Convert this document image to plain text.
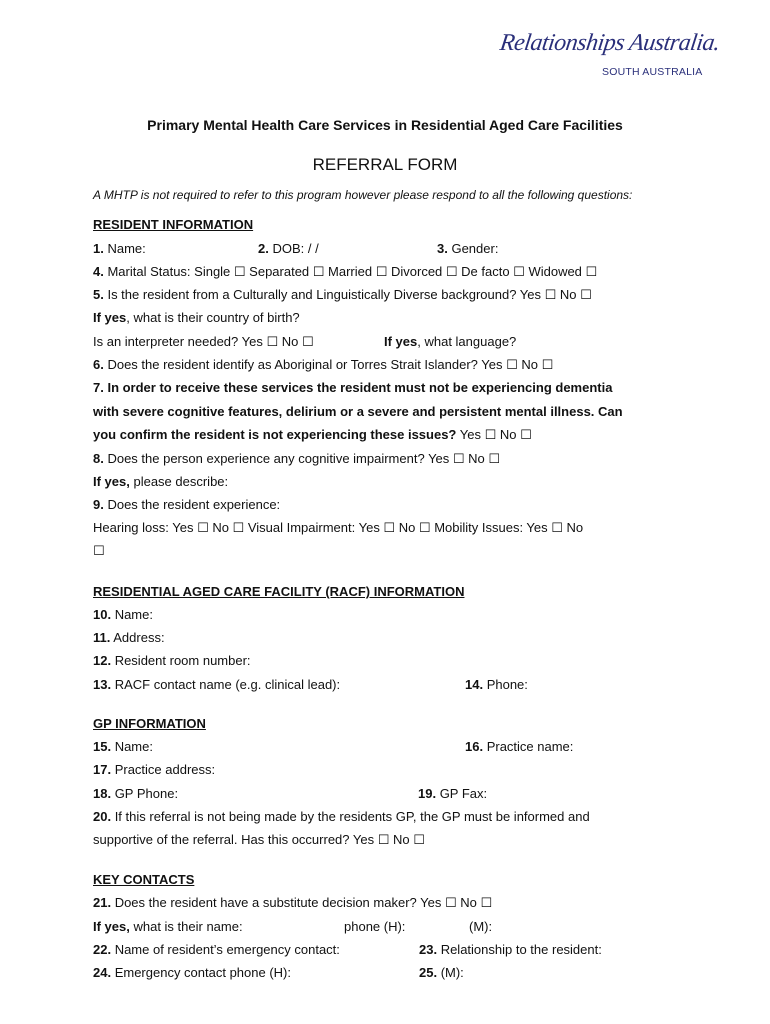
Relationships Australia.
SOUTH AUSTRALIA
Primary Mental Health Care Services in Residential Aged Care Facilities
REFERRAL FORM
A MHTP is not required to refer to this program however please respond to all the following questions:
RESIDENT INFORMATION
1. Name:	2. DOB: / /	3. Gender:
4. Marital Status: Single ☐ Separated ☐ Married ☐ Divorced ☐ De facto ☐ Widowed ☐
5. Is the resident from a Culturally and Linguistically Diverse background? Yes ☐ No ☐
If yes, what is their country of birth?
Is an interpreter needed? Yes ☐ No ☐	If yes, what language?
6. Does the resident identify as Aboriginal or Torres Strait Islander? Yes ☐ No ☐
7. In order to receive these services the resident must not be experiencing dementia
with severe cognitive features, delirium or a severe and persistent mental illness. Can
you confirm the resident is not experiencing these issues? Yes ☐ No ☐
8. Does the person experience any cognitive impairment? Yes ☐ No ☐
If yes, please describe:
9. Does the resident experience:
Hearing loss: Yes ☐ No ☐ Visual Impairment: Yes ☐ No ☐ Mobility Issues: Yes ☐ No
☐
RESIDENTIAL AGED CARE FACILITY (RACF) INFORMATION
10. Name:
11. Address:
12. Resident room number:
13. RACF contact name (e.g. clinical lead):	14. Phone:
GP INFORMATION
15. Name:	16. Practice name:
17. Practice address:
18. GP Phone:	19. GP Fax:
20. If this referral is not being made by the residents GP, the GP must be informed and
supportive of the referral. Has this occurred? Yes ☐ No ☐
KEY CONTACTS
21. Does the resident have a substitute decision maker? Yes ☐ No ☐
If yes, what is their name:	phone (H):	(M):
22. Name of resident’s emergency contact:	23. Relationship to the resident:
24. Emergency contact phone (H):	25. (M):
